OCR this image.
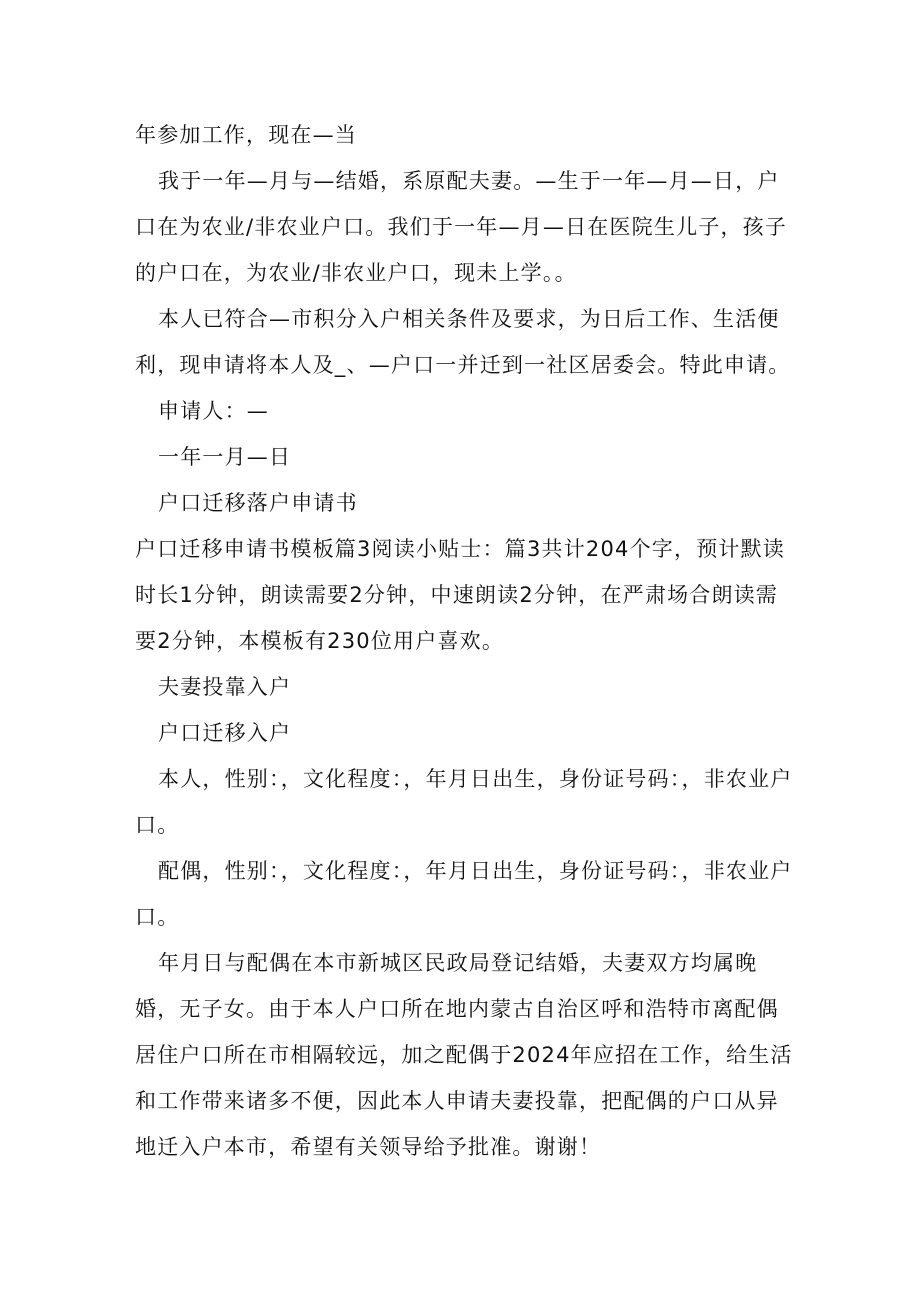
年参加工作，现在—当

我于一年—月与—结婚，系原配夫妻。—生于一年—月—日，户口在为农业/非农业户口。我们于一年—月—日在医院生儿子，孩子的户口在，为农业/非农业户口，现未上学。。

本人已符合—市积分入户相关条件及要求，为日后工作、生活便利，现申请将本人及_、—户口一并迁到一社区居委会。特此申请。

申请人：—

一年一月—日

户口迁移落户申请书

户口迁移申请书模板篇3阅读小贴士：篇3共计204个字，预计默读时长1分钟，朗读需要2分钟，中速朗读2分钟，在严肃场合朗读需要2分钟，本模板有230位用户喜欢。

夫妻投靠入户

户口迁移入户

本人，性别：，文化程度：，年月日出生，身份证号码：，非农业户口。

配偶，性别：，文化程度：，年月日出生，身份证号码：，非农业户口。

年月日与配偶在本市新城区民政局登记结婚，夫妻双方均属晚婚，无子女。由于本人户口所在地内蒙古自治区呼和浩特市离配偶居住户口所在市相隔较远，加之配偶于2024年应招在工作，给生活和工作带来诸多不便，因此本人申请夫妻投靠，把配偶的户口从异地迁入户本市，希望有关领导给予批准。谢谢！
